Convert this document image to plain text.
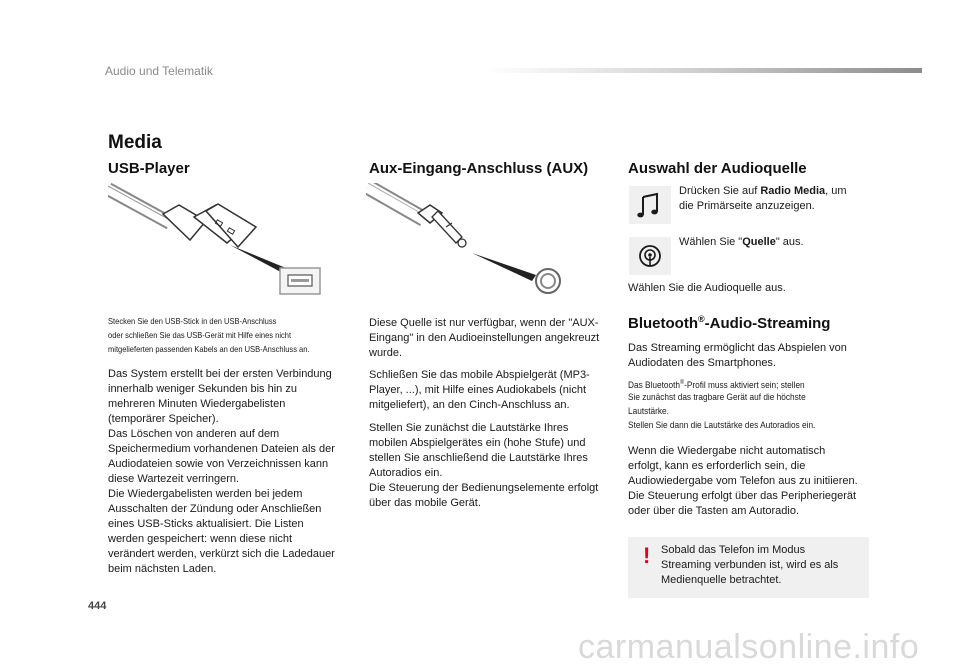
Audio und Telematik
Media
USB-Player
Stecken Sie den USB-Stick in den USB-Anschluss
oder schließen Sie das USB-Gerät mit Hilfe eines nicht
mitgelieferten passenden Kabels an den USB-Anschluss an.
Das System erstellt bei der ersten Verbindung
innerhalb weniger Sekunden bis hin zu
mehreren Minuten Wiedergabelisten
(temporärer Speicher).
Das Löschen von anderen auf dem
Speichermedium vorhandenen Dateien als der
Audiodateien sowie von Verzeichnissen kann
diese Wartezeit verringern.
Die Wiedergabelisten werden bei jedem
Ausschalten der Zündung oder Anschließen
eines USB-Sticks aktualisiert. Die Listen
werden gespeichert: wenn diese nicht
verändert werden, verkürzt sich die Ladedauer
beim nächsten Laden.
Aux-Eingang-Anschluss (AUX)
Diese Quelle ist nur verfügbar, wenn der "AUX-
Eingang" in den Audioeinstellungen angekreuzt
wurde.
Schließen Sie das mobile Abspielgerät (MP3-
Player, ...), mit Hilfe eines Audiokabels (nicht
mitgeliefert), an den Cinch-Anschluss an.
Stellen Sie zunächst die Lautstärke Ihres
mobilen Abspielgerätes ein (hohe Stufe) und
stellen Sie anschließend die Lautstärke Ihres
Autoradios ein.
Die Steuerung der Bedienungselemente erfolgt
über das mobile Gerät.
Auswahl der Audioquelle
Drücken Sie auf Radio Media, um
die Primärseite anzuzeigen.
Wählen Sie "Quelle" aus.
Wählen Sie die Audioquelle aus.
Bluetooth®-Audio-Streaming
Das Streaming ermöglicht das Abspielen von
Audiodaten des Smartphones.
Das Bluetooth®-Profil muss aktiviert sein; stellen
Sie zunächst das tragbare Gerät auf die höchste
Lautstärke.
Stellen Sie dann die Lautstärke des Autoradios ein.
Wenn die Wiedergabe nicht automatisch
erfolgt, kann es erforderlich sein, die
Audiowiedergabe vom Telefon aus zu initiieren.
Die Steuerung erfolgt über das Peripheriegerät
oder über die Tasten am Autoradio.
! Sobald das Telefon im Modus
Streaming verbunden ist, wird es als
Medienquelle betrachtet.
444
carmanualsonline.info
